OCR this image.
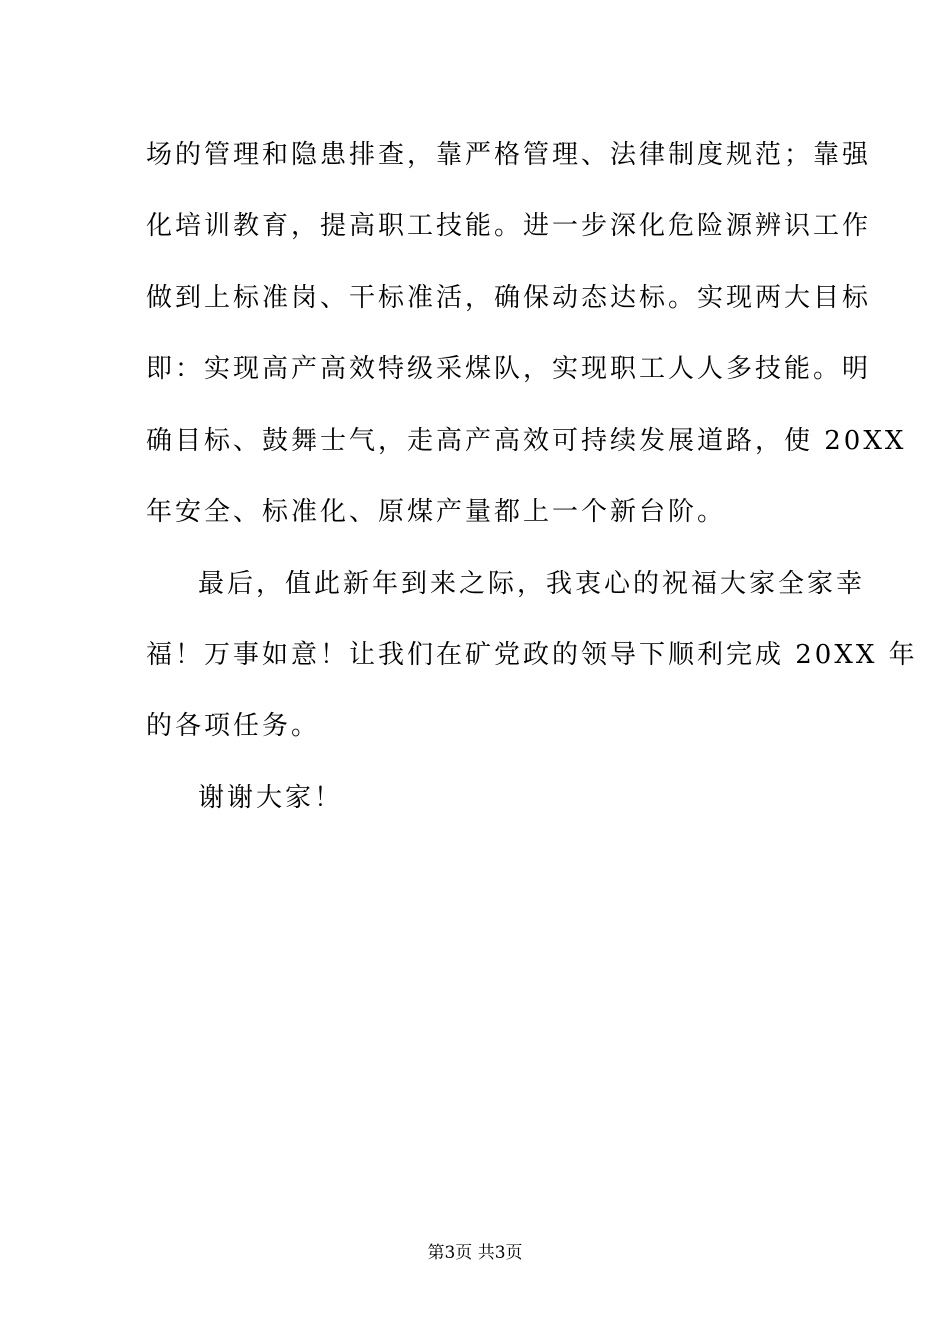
场的管理和隐患排查，靠严格管理、法律制度规范；靠强
化培训教育，提高职工技能。进一步深化危险源辨识工作
做到上标准岗、干标准活，确保动态达标。实现两大目标
即：实现高产高效特级采煤队，实现职工人人多技能。明
确目标、鼓舞士气，走高产高效可持续发展道路，使 20XX
年安全、标准化、原煤产量都上一个新台阶。
最后，值此新年到来之际，我衷心的祝福大家全家幸
福！万事如意！让我们在矿党政的领导下顺利完成 20XX 年
的各项任务。
谢谢大家！
第3页 共3页
